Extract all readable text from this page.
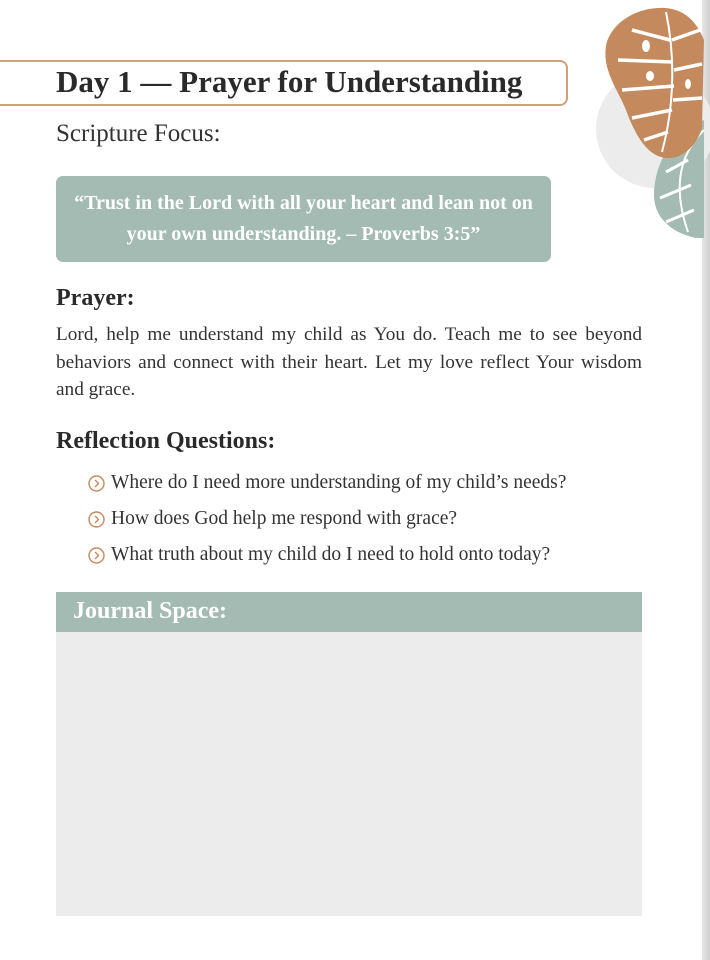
Day 1 — Prayer for Understanding

Scripture Focus:

“Trust in the Lord with all your heart and lean not on your own understanding. – Proverbs 3:5”

Prayer:

Lord, help me understand my child as You do. Teach me to see beyond behaviors and connect with their heart. Let my love reflect Your wisdom and grace.

Reflection Questions:
Where do I need more understanding of my child’s needs?
How does God help me respond with grace?
What truth about my child do I need to hold onto today?
Journal Space:
